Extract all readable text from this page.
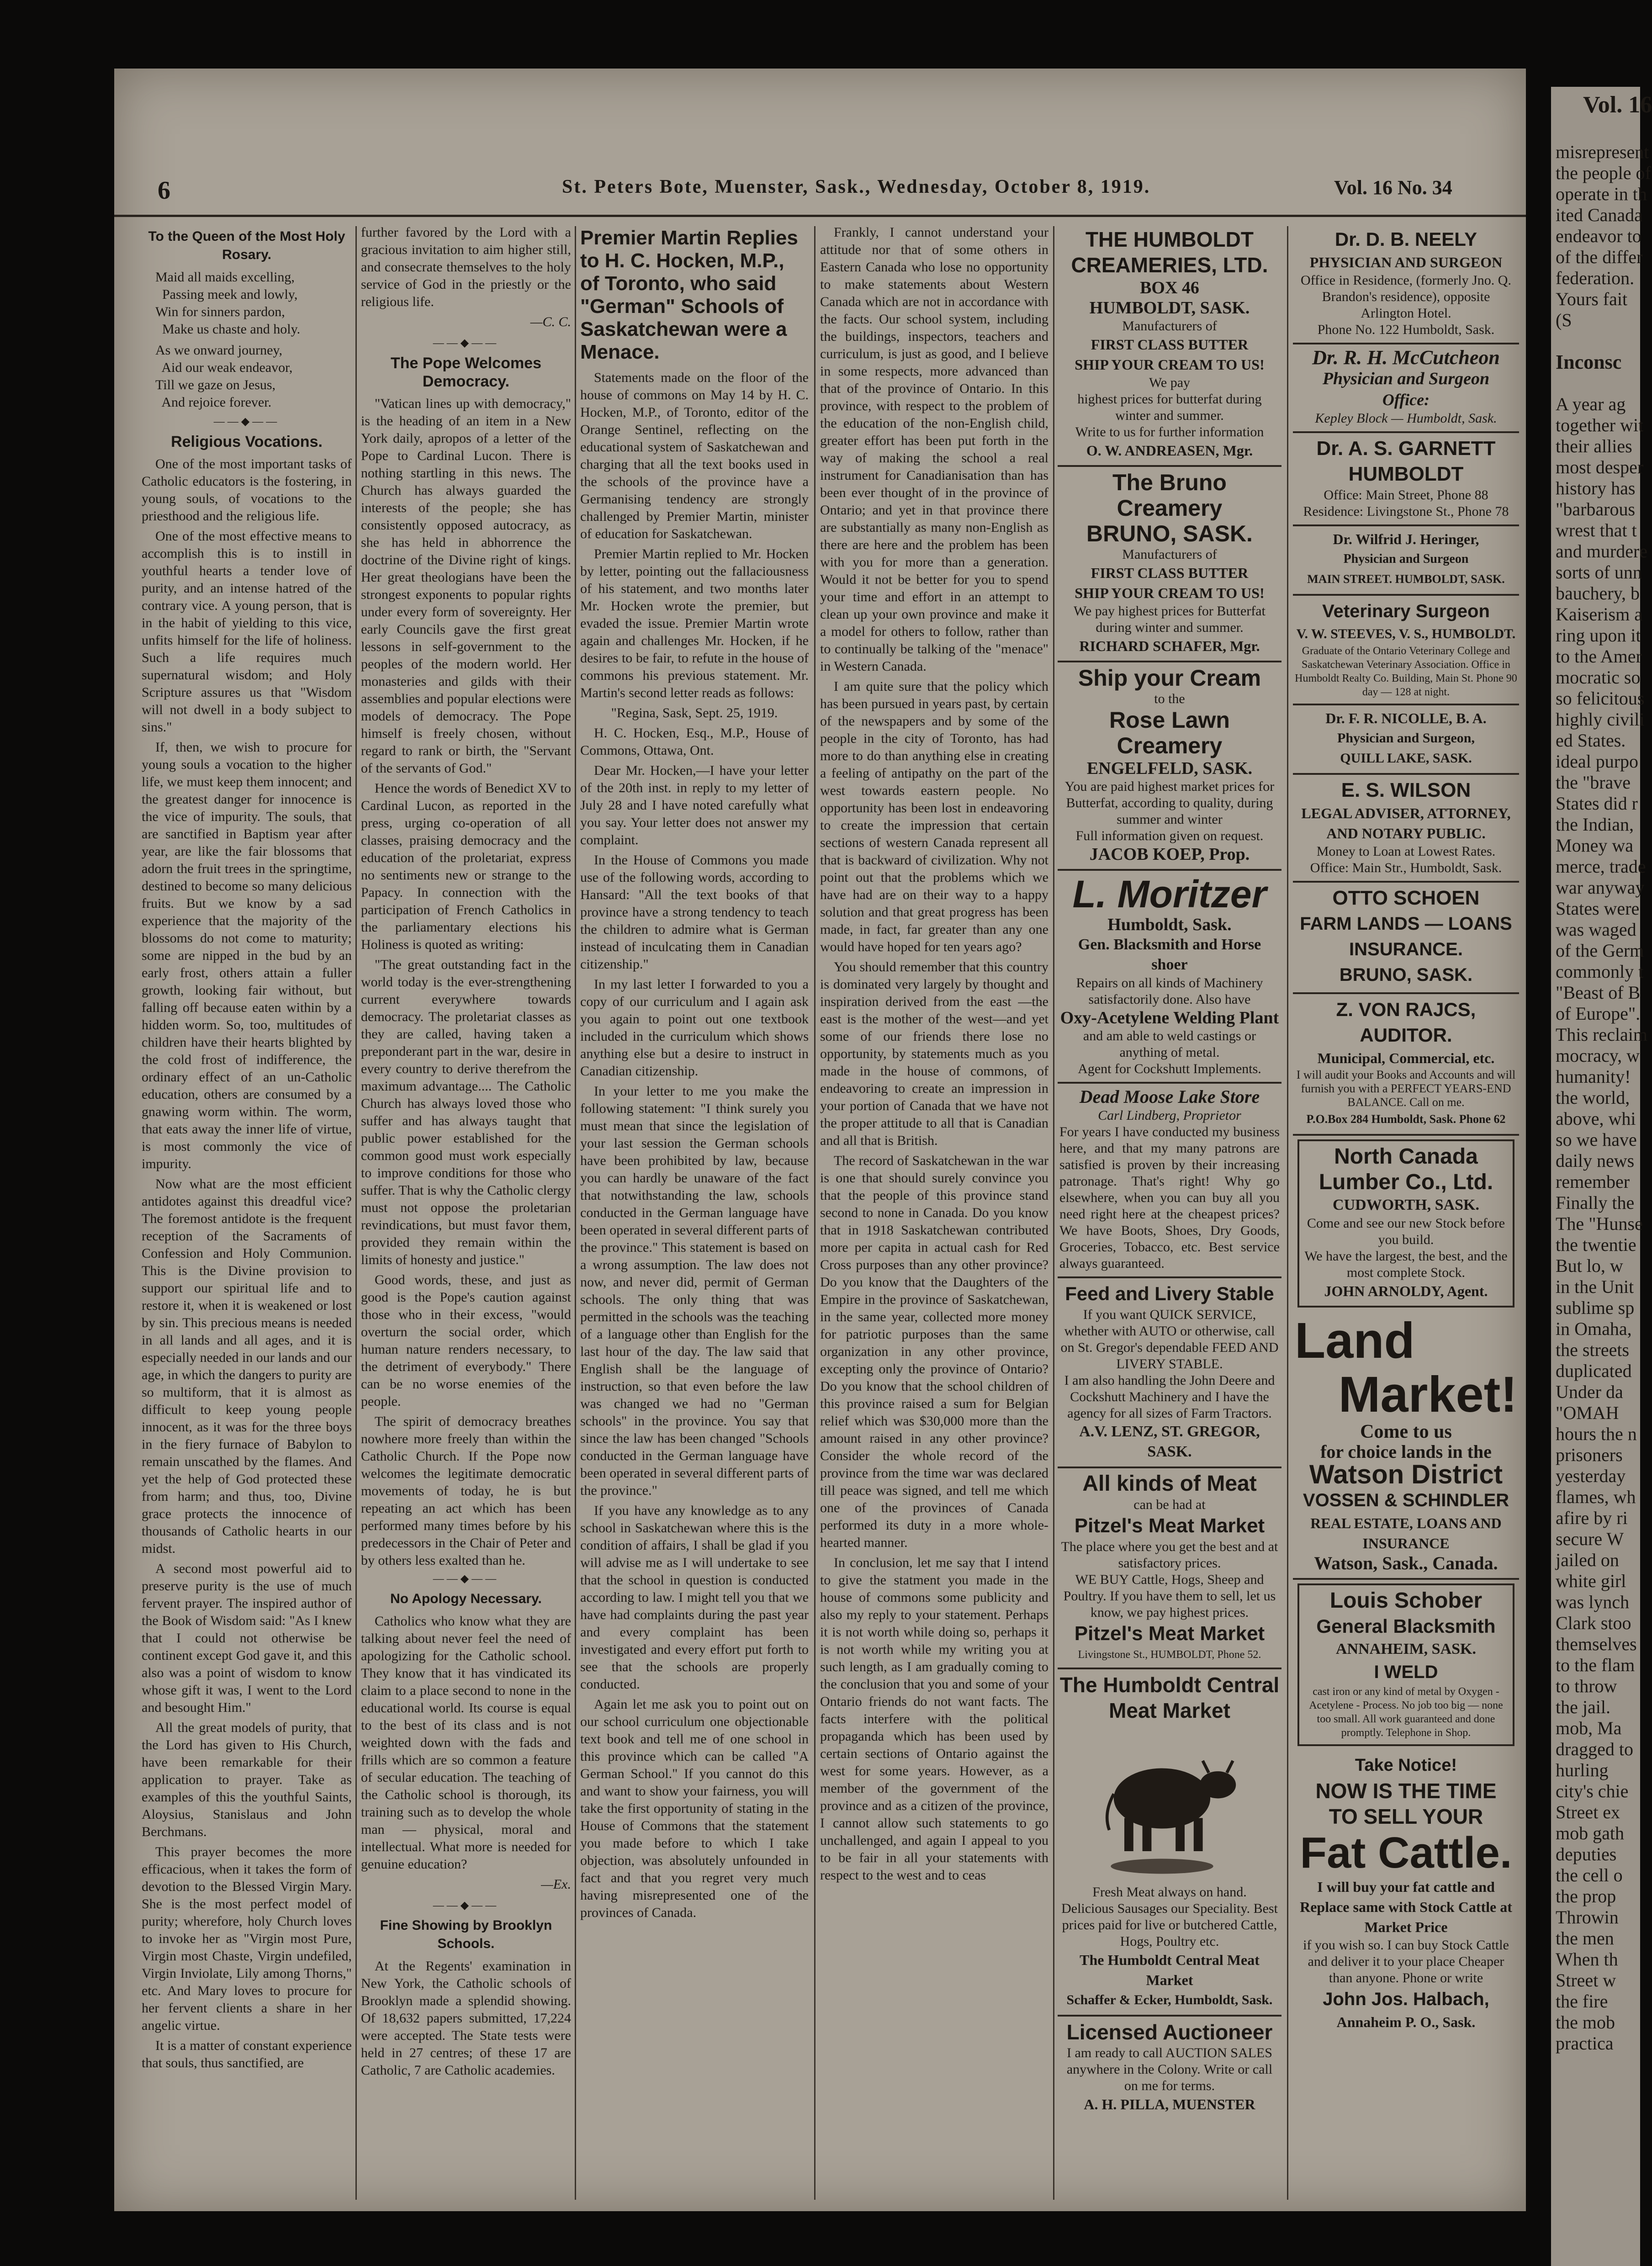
6	St. Peters Bote, Muenster, Sask., Wednesday, October 8, 1919.	Vol. 16 No. 34
To the Queen of the Most Holy Rosary.
Maid all maids excelling,
Passing meek and lowly,
Win for sinners pardon,
Make us chaste and holy.
As we onward journey,
Aid our weak endeavor,
Till we gaze on Jesus,
And rejoice forever.
——◆——
Religious Vocations.

One of the most important tasks of Catholic educators is the fostering, in young souls, of vocations to the priesthood and the religious life.

One of the most effective means to accomplish this is to instill in youthful hearts a tender love of purity, and an intense hatred of the contrary vice. A young person, that is in the habit of yielding to this vice, unfits himself for the life of holiness. Such a life requires much supernatural wisdom; and Holy Scripture assures us that "Wisdom will not dwell in a body subject to sins."

If, then, we wish to procure for young souls a vocation to the higher life, we must keep them innocent; and the greatest danger for innocence is the vice of impurity. The souls, that are sanctified in Baptism year after year, are like the fair blossoms that adorn the fruit trees in the springtime, destined to become so many delicious fruits. But we know by a sad experience that the majority of the blossoms do not come to maturity; some are nipped in the bud by an early frost, others attain a fuller growth, looking fair without, but falling off because eaten within by a hidden worm. So, too, multitudes of children have their hearts blighted by the cold frost of indifference, the ordinary effect of an un-Catholic education, others are consumed by a gnawing worm within. The worm, that eats away the inner life of virtue, is most commonly the vice of impurity.

Now what are the most efficient antidotes against this dreadful vice? The foremost antidote is the frequent reception of the Sacraments of Confession and Holy Communion. This is the Divine provision to support our spiritual life and to restore it, when it is weakened or lost by sin. This precious means is needed in all lands and all ages, and it is especially needed in our lands and our age, in which the dangers to purity are so multiform, that it is almost as difficult to keep young people innocent, as it was for the three boys in the fiery furnace of Babylon to remain unscathed by the flames. And yet the help of God protected these from harm; and thus, too, Divine grace protects the innocence of thousands of Catholic hearts in our midst.

A second most powerful aid to preserve purity is the use of much fervent prayer. The inspired author of the Book of Wisdom said: "As I knew that I could not otherwise be continent except God gave it, and this also was a point of wisdom to know whose gift it was, I went to the Lord and besought Him."

All the great models of purity, that the Lord has given to His Church, have been remarkable for their application to prayer. Take as examples of this the youthful Saints, Aloysius, Stanislaus and John Berchmans.

This prayer becomes the more efficacious, when it takes the form of devotion to the Blessed Virgin Mary. She is the most perfect model of purity; wherefore, holy Church loves to invoke her as "Virgin most Pure, Virgin most Chaste, Virgin undefiled, Virgin Inviolate, Lily among Thorns," etc. And Mary loves to procure for her fervent clients a share in her angelic virtue.

It is a matter of constant experience that souls, thus sanctified, are

further favored by the Lord with a gracious invitation to aim higher still, and consecrate themselves to the holy service of God in the priestly or the religious life.

—C. C.
——◆——
The Pope Welcomes Democracy.

"Vatican lines up with democracy," is the heading of an item in a New York daily, apropos of a letter of the Pope to Cardinal Lucon. There is nothing startling in this news. The Church has always guarded the interests of the people; she has consistently opposed autocracy, as she has held in abhorrence the doctrine of the Divine right of kings. Her great theologians have been the strongest exponents to popular rights under every form of sovereignty. Her early Councils gave the first great lessons in self-government to the peoples of the modern world. Her monasteries and gilds with their assemblies and popular elections were models of democracy. The Pope himself is freely chosen, without regard to rank or birth, the "Servant of the servants of God."

Hence the words of Benedict XV to Cardinal Lucon, as reported in the press, urging co-operation of all classes, praising democracy and the education of the proletariat, express no sentiments new or strange to the Papacy. In connection with the participation of French Catholics in the parliamentary elections his Holiness is quoted as writing:

"The great outstanding fact in the world today is the ever-strengthening current everywhere towards democracy. The proletariat classes as they are called, having taken a preponderant part in the war, desire in every country to derive therefrom the maximum advantage.... The Catholic Church has always loved those who suffer and has always taught that public power established for the common good must work especially to improve conditions for those who suffer. That is why the Catholic clergy must not oppose the proletarian revindications, but must favor them, provided they remain within the limits of honesty and justice."

Good words, these, and just as good is the Pope's caution against those who in their excess, "would overturn the social order, which human nature renders necessary, to the detriment of everybody." There can be no worse enemies of the people.

The spirit of democracy breathes nowhere more freely than within the Catholic Church. If the Pope now welcomes the legitimate democratic movements of today, he is but repeating an act which has been performed many times before by his predecessors in the Chair of Peter and by others less exalted than he.

——◆——
No Apology Necessary.

Catholics who know what they are talking about never feel the need of apologizing for the Catholic school. They know that it has vindicated its claim to a place second to none in the educational world. Its course is equal to the best of its class and is not weighted down with the fads and frills which are so common a feature of secular education. The teaching of the Catholic school is thorough, its training such as to develop the whole man — physical, moral and intellectual. What more is needed for genuine education?

—Ex.
——◆——
Fine Showing by Brooklyn Schools.

At the Regents' examination in New York, the Catholic schools of Brooklyn made a splendid showing. Of 18,632 papers submitted, 17,224 were accepted. The State tests were held in 27 centres; of these 17 are Catholic, 7 are Catholic academies.

Premier Martin Replies to H. C. Hocken, M.P., of Toronto, who said "German" Schools of Saskatchewan were a Menace.

Statements made on the floor of the house of commons on May 14 by H. C. Hocken, M.P., of Toronto, editor of the Orange Sentinel, reflecting on the educational system of Saskatchewan and charging that all the text books used in the schools of the province have a Germanising tendency are strongly challenged by Premier Martin, minister of education for Saskatchewan.

Premier Martin replied to Mr. Hocken by letter, pointing out the fallaciousness of his statement, and two months later Mr. Hocken wrote the premier, but evaded the issue. Premier Martin wrote again and challenges Mr. Hocken, if he desires to be fair, to refute in the house of commons his previous statement. Mr. Martin's second letter reads as follows:

"Regina, Sask, Sept. 25, 1919.

H. C. Hocken, Esq., M.P., House of Commons, Ottawa, Ont.

Dear Mr. Hocken,—I have your letter of the 20th inst. in reply to my letter of July 28 and I have noted carefully what you say. Your letter does not answer my complaint.

In the House of Commons you made use of the following words, according to Hansard: "All the text books of that province have a strong tendency to teach the children to admire what is German instead of inculcating them in Canadian citizenship."

In my last letter I forwarded to you a copy of our curriculum and I again ask you again to point out one textbook included in the curriculum which shows anything else but a desire to instruct in Canadian citizenship.

In your letter to me you make the following statement: "I think surely you must mean that since the legislation of your last session the German schools have been prohibited by law, because you can hardly be unaware of the fact that notwithstanding the law, schools conducted in the German language have been operated in several different parts of the province." This statement is based on a wrong assumption. The law does not now, and never did, permit of German schools. The only thing that was permitted in the schools was the teaching of a language other than English for the last hour of the day. The law said that English shall be the language of instruction, so that even before the law was changed we had no "German schools" in the province. You say that since the law has been changed "Schools conducted in the German language have been operated in several different parts of the province."

If you have any knowledge as to any school in Saskatchewan where this is the condition of affairs, I shall be glad if you will advise me as I will undertake to see that the school in question is conducted according to law. I might tell you that we have had complaints during the past year and every complaint has been investigated and every effort put forth to see that the schools are properly conducted.

Again let me ask you to point out on our school curriculum one objectionable text book and tell me of one school in this province which can be called "A German School." If you cannot do this and want to show your fairness, you will take the first opportunity of stating in the House of Commons that the statement you made before to which I take objection, was absolutely unfounded in fact and that you regret very much having misrepresented one of the provinces of Canada.

Frankly, I cannot understand your attitude nor that of some others in Eastern Canada who lose no opportunity to make statements about Western Canada which are not in accordance with the facts. Our school system, including the buildings, inspectors, teachers and curriculum, is just as good, and I believe in some respects, more advanced than that of the province of Ontario. In this province, with respect to the problem of the education of the non-English child, greater effort has been put forth in the way of making the school a real instrument for Canadianisation than has been ever thought of in the province of Ontario; and yet in that province there are substantially as many non-English as there are here and the problem has been with you for more than a generation. Would it not be better for you to spend your time and effort in an attempt to clean up your own province and make it a model for others to follow, rather than to continually be talking of the "menace" in Western Canada.

I am quite sure that the policy which has been pursued in years past, by certain of the newspapers and by some of the people in the city of Toronto, has had more to do than anything else in creating a feeling of antipathy on the part of the west towards eastern people. No opportunity has been lost in endeavoring to create the impression that certain sections of western Canada represent all that is backward of civilization. Why not point out that the problems which we have had are on their way to a happy solution and that great progress has been made, in fact, far greater than any one would have hoped for ten years ago?

You should remember that this country is dominated very largely by thought and inspiration derived from the east —the east is the mother of the west—and yet some of our friends there lose no opportunity, by statements much as you made in the house of commons, of endeavoring to create an impression in your portion of Canada that we have not the proper attitude to all that is Canadian and all that is British.

The record of Saskatchewan in the war is one that should surely convince you that the people of this province stand second to none in Canada. Do you know that in 1918 Saskatchewan contributed more per capita in actual cash for Red Cross purposes than any other province? Do you know that the Daughters of the Empire in the province of Saskatchewan, in the same year, collected more money for patriotic purposes than the same organization in any other province, excepting only the province of Ontario? Do you know that the school children of this province raised a sum for Belgian relief which was $30,000 more than the amount raised in any other province? Consider the whole record of the province from the time war was declared till peace was signed, and tell me which one of the provinces of Canada performed its duty in a more whole-hearted manner.

In conclusion, let me say that I intend to give the statment you made in the house of commons some publicity and also my reply to your statement. Perhaps it is not worth while doing so, perhaps it is not worth while my writing you at such length, as I am gradually coming to the conclusion that you and some of your Ontario friends do not want facts. The facts interfere with the political propaganda which has been used by certain sections of Ontario against the west for some years. However, as a member of the government of the province and as a citizen of the province, I cannot allow such statements to go unchallenged, and again I appeal to you to be fair in all your statements with respect to the west and to ceas

THE HUMBOLDT CREAMERIES, LTD.
BOX 46
HUMBOLDT, SASK.
Manufacturers of
FIRST CLASS BUTTER
SHIP YOUR CREAM TO US!
We pay
highest prices for butterfat during winter and summer.
Write to us for further information
O. W. ANDREASEN, Mgr.
The Bruno Creamery
BRUNO, SASK.
Manufacturers of
FIRST CLASS BUTTER
SHIP YOUR CREAM TO US!
We pay highest prices for Butterfat during winter and summer.
RICHARD SCHAFER, Mgr.
Ship your Cream
to the
Rose Lawn Creamery
ENGELFELD, SASK.
You are paid highest market prices for Butterfat, according to quality, during summer and winter
Full information given on request.
JACOB KOEP, Prop.
L. Moritzer
Humboldt, Sask.
Gen. Blacksmith and Horse shoer
Repairs on all kinds of Machinery satisfactorily done. Also have
Oxy-Acetylene Welding Plant
and am able to weld castings or anything of metal.
Agent for Cockshutt Implements.
Dead Moose Lake Store
Carl Lindberg, Proprietor
For years I have conducted my business here, and that my many patrons are satisfied is proven by their increasing patronage. That's right! Why go elsewhere, when you can buy all you need right here at the cheapest prices? We have Boots, Shoes, Dry Goods, Groceries, Tobacco, etc. Best service always guaranteed.
Feed and Livery Stable
If you want QUICK SERVICE, whether with AUTO or otherwise, call on St. Gregor's dependable FEED AND LIVERY STABLE.
I am also handling the John Deere and Cockshutt Machinery and I have the agency for all sizes of Farm Tractors.
A.V. LENZ, ST. GREGOR, SASK.
All kinds of Meat
can be had at
Pitzel's Meat Market
The place where you get the best and at satisfactory prices.
WE BUY Cattle, Hogs, Sheep and Poultry. If you have them to sell, let us know, we pay highest prices.
Pitzel's Meat Market
Livingstone St., HUMBOLDT, Phone 52.
The Humboldt Central Meat Market
Fresh Meat always on hand.
Delicious Sausages our Speciality. Best prices paid for live or butchered Cattle, Hogs, Poultry etc.
The Humboldt Central Meat Market
Schaffer & Ecker, Humboldt, Sask.
Licensed Auctioneer
I am ready to call AUCTION SALES anywhere in the Colony. Write or call on me for terms.
A. H. PILLA, MUENSTER
Dr. D. B. NEELY
PHYSICIAN AND SURGEON
Office in Residence, (formerly Jno. Q. Brandon's residence), opposite Arlington Hotel.
Phone No. 122 Humboldt, Sask.
Dr. R. H. McCutcheon
Physician and Surgeon
Office:
Kepley Block — Humboldt, Sask.
Dr. A. S. GARNETT
HUMBOLDT
Office: Main Street, Phone 88
Residence: Livingstone St., Phone 78
Dr. Wilfrid J. Heringer,
Physician and Surgeon
MAIN STREET. HUMBOLDT, SASK.
Veterinary Surgeon
V. W. STEEVES, V. S., HUMBOLDT.
Graduate of the Ontario Veterinary College and Saskatchewan Veterinary Association. Office in Humboldt Realty Co. Building, Main St. Phone 90 day — 128 at night.
Dr. F. R. NICOLLE, B. A.
Physician and Surgeon,
QUILL LAKE, SASK.
E. S. WILSON
LEGAL ADVISER, ATTORNEY, AND NOTARY PUBLIC.
Money to Loan at Lowest Rates.
Office: Main Str., Humboldt, Sask.
OTTO SCHOEN
FARM LANDS — LOANS
INSURANCE.
BRUNO, SASK.
Z. VON RAJCS, AUDITOR.
Municipal, Commercial, etc.
I will audit your Books and Accounts and will furnish you with a PERFECT YEARS-END BALANCE. Call on me.
P.O.Box 284 Humboldt, Sask. Phone 62
North Canada Lumber Co., Ltd.
CUDWORTH, SASK.
Come and see our new Stock before you build.
We have the largest, the best, and the most complete Stock.
JOHN ARNOLDY, Agent.
Land
Market!
Come to us
for choice lands in the
Watson District
VOSSEN & SCHINDLER
REAL ESTATE, LOANS AND INSURANCE
Watson, Sask., Canada.
Louis Schober
General Blacksmith
ANNAHEIM, SASK.
I WELD
cast iron or any kind of metal by Oxygen - Acetylene - Process. No job too big — none too small. All work guaranteed and done promptly. Telephone in Shop.
Take Notice!
NOW IS THE TIME
TO SELL YOUR
Fat Cattle.
I will buy your fat cattle and Replace same with Stock Cattle at Market Price
if you wish so. I can buy Stock Cattle and deliver it to your place Cheaper than anyone. Phone or write
John Jos. Halbach,
Annaheim P. O., Sask.
Vol. 16
misrepresent
the people of
operate in th
ited Canada
endeavor to
of the differ
federation.
Yours fait
(S

Inconsc

A year ag
together wit
their allies
most desper
history has
"barbarous
wrest that t
and murdere
sorts of unn
bauchery, b
Kaiserism a
ring upon it
to the Amer
mocratic so
so felicitous
highly civili
ed States.
ideal purpo
the "brave
States did r
the Indian,
Money wa
merce, trade
war anyway
States were
was waged
of the Germ
commonly t
"Beast of B
of Europe".
This reclaim
mocracy, w
humanity!
the world,
above, whi
so we have
daily news
remember
Finally the
The "Hunse
the twentie
But lo, w
in the Unit
sublime sp
in Omaha,
the streets
duplicated
Under da
"OMAH
hours the n
prisoners
yesterday
flames, wh
afire by ri
secure W
jailed on
white girl
was lynch
Clark stoo
themselves
to the flam
to throw
the jail.
mob, Ma
dragged to
hurling
city's chie
Street ex
mob gath
deputies
the cell o
the prop
Throwin
the men
When th
Street w
the fire
the mob
practica
